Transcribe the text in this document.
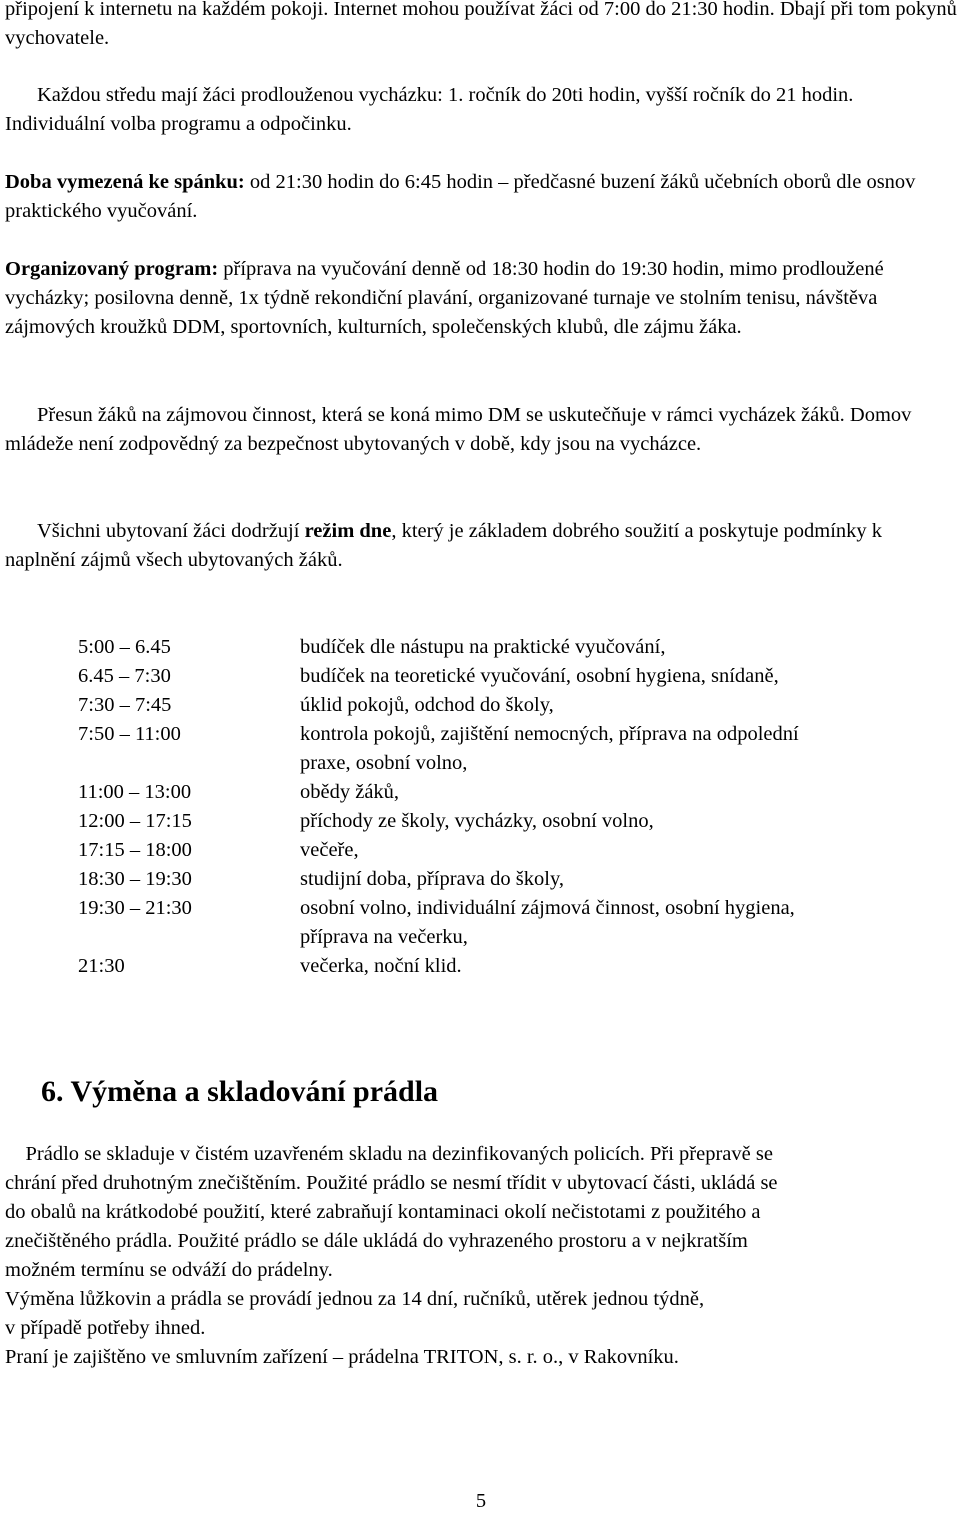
připojení k internetu na každém pokoji. Internet mohou používat žáci od 7:00 do 21:30 hodin. Dbají při tom pokynů vychovatele.

Každou středu mají žáci prodlouženou vycházku: 1. ročník do 20ti hodin, vyšší ročník do 21 hodin. Individuální volba programu a odpočinku.

Doba vymezená ke spánku: od 21:30 hodin do 6:45 hodin – předčasné buzení žáků učebních oborů dle osnov praktického vyučování.

Organizovaný program: příprava na vyučování denně od 18:30 hodin do 19:30 hodin, mimo prodloužené vycházky; posilovna denně, 1x týdně rekondiční plavání, organizované turnaje ve stolním tenisu, návštěva zájmových kroužků DDM, sportovních, kulturních, společenských klubů, dle zájmu žáka.

Přesun žáků na zájmovou činnost, která se koná mimo DM se uskutečňuje v rámci vycházek žáků. Domov mládeže není zodpovědný za bezpečnost ubytovaných v době, kdy jsou na vycházce.

Všichni ubytovaní žáci dodržují režim dne, který je základem dobrého soužití a poskytuje podmínky k naplnění zájmů všech ubytovaných žáků.

5:00 – 6.45	budíček dle nástupu na praktické vyučování,
6.45 – 7:30	budíček na teoretické vyučování, osobní hygiena, snídaně,
7:30 – 7:45	úklid pokojů, odchod do školy,
7:50 – 11:00	kontrola pokojů, zajištění nemocných, příprava na odpolední
praxe, osobní volno,
11:00 – 13:00	obědy žáků,
12:00 – 17:15	příchody ze školy, vycházky, osobní volno,
17:15 – 18:00	večeře,
18:30 – 19:30	studijní doba, příprava do školy,
19:30 – 21:30	osobní volno, individuální zájmová činnost, osobní hygiena,
příprava na večerku,
21:30	večerka, noční klid.
6. Výměna a skladování prádla
Prádlo se skladuje v čistém uzavřeném skladu na dezinfikovaných policích. Při přepravě se
chrání před druhotným znečištěním. Použité prádlo se nesmí třídit v ubytovací části, ukládá se
do obalů na krátkodobé použití, které zabraňují kontaminaci okolí nečistotami z použitého a
znečištěného prádla. Použité prádlo se dále ukládá do vyhrazeného prostoru a v nejkratším
možném termínu se odváží do prádelny.
Výměna lůžkovin a prádla se provádí jednou za 14 dní, ručníků, utěrek jednou týdně,
v případě potřeby ihned.
Praní je zajištěno ve smluvním zařízení – prádelna TRITON, s. r. o., v Rakovníku.
5
